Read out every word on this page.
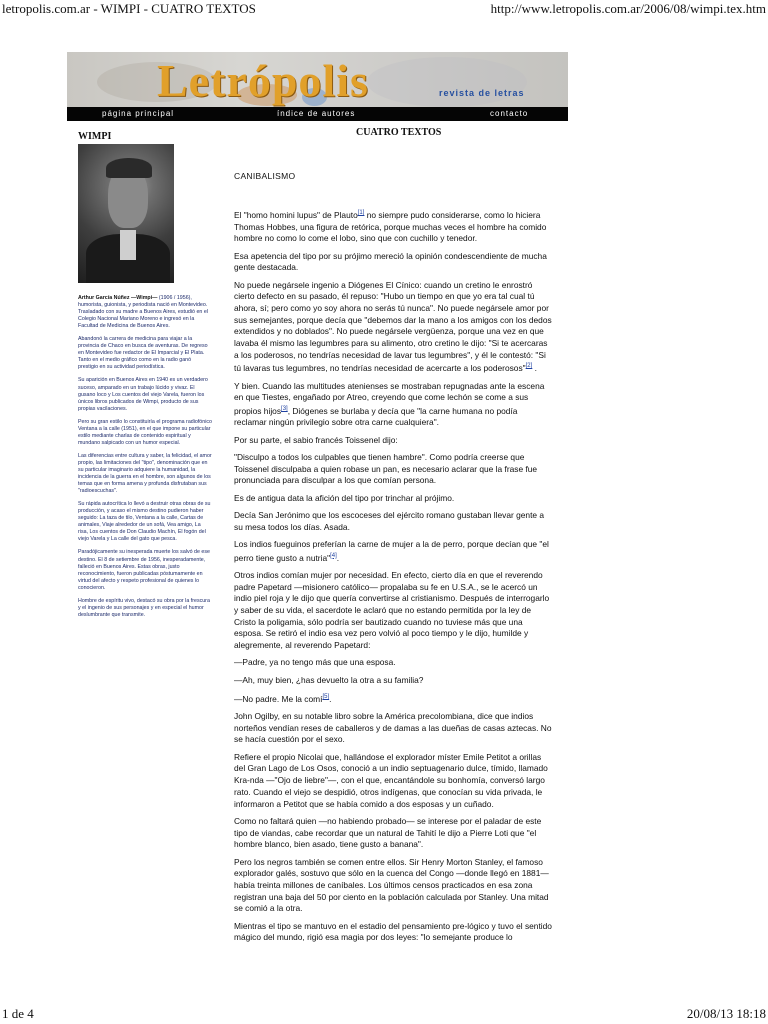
letropolis.com.ar - WIMPI - CUATRO TEXTOS	http://www.letropolis.com.ar/2006/08/wimpi.tex.htm
Letrópolis	revista de letras
página principal	índice de autores	contacto
WIMPI

Arthur García Núñez —Wimpi— (1906 / 1956), humorista, guionista, y periodista nació en Montevideo. Trasladado con su madre a Buenos Aires, estudió en el Colegio Nacional Mariano Moreno e ingresó en la Facultad de Medicina de Buenos Aires.

Abandonó la carrera de medicina para viajar a la provincia de Chaco en busca de aventuras. De regreso en Montevideo fue redactor de El Imparcial y El Plata. Tanto en el medio gráfico como en la radio ganó prestigio en su actividad periodística.

Su aparición en Buenos Aires en 1940 es un verdadero suceso, amparado en un trabajo lúcido y vivaz. El gusano loco y Los cuentos del viejo Varela, fueron los únicos libros publicados de Wimpi, producto de sus propias vacilaciones.

Pero su gran estilo lo constituiría el programa radiofónico Ventana a la calle (1951), en el que impone su particular estilo mediante charlas de contenido espiritual y mundano salpicado con un humor especial.

Las diferencias entre cultura y saber, la felicidad, el amor propio, las limitaciones del "tipo", denominación que en su particular imaginario adquiere la humanidad, la incidencia de la guerra en el hombre, son algunos de los temas que en forma amena y profunda disfrutaban sus "radioescuchas".

Su rápida autocrítica lo llevó a destruir otras obras de su producción, y acaso el mismo destino pudieron haber seguido: La taza de tilo, Ventana a la calle, Cartas de animales, Viaje alrededor de un sofá, Vea amigo, La risa, Los cuentos de Don Claudio Machín, El fogón del viejo Varela y La calle del gato que pesca.

Paradójicamente su inesperada muerte los salvó de ese destino. El 8 de setiembre de 1956, inesperadamente, falleció en Buenos Aires. Estas obras, justo reconocimiento, fueron publicadas póstumamente en virtud del afecto y respeto profesional de quienes lo conocieron.

Hombre de espíritu vivo, destacó su obra por la frescura y el ingenio de sus personajes y en especial el humor deslumbrante que transmite.

CUATRO TEXTOS
CANIBALISMO

El "homo homini lupus" de Plauto[1] no siempre pudo considerarse, como lo hiciera Thomas Hobbes, una figura de retórica, porque muchas veces el hombre ha comido hombre no como lo come el lobo, sino que con cuchillo y tenedor.

Esa apetencia del tipo por su prójimo mereció la opinión condescendiente de mucha gente destacada.

No puede negársele ingenio a Diógenes El Cínico: cuando un cretino le enrostró cierto defecto en su pasado, él repuso: "Hubo un tiempo en que yo era tal cual tú ahora, sí; pero como yo soy ahora no serás tú nunca". No puede negársele amor por sus semejantes, porque decía que "debemos dar la mano a los amigos con los dedos extendidos y no doblados". No puede negársele vergüenza, porque una vez en que lavaba él mismo las legumbres para su alimento, otro cretino le dijo: "Si te acercaras a los poderosos, no tendrías necesidad de lavar tus legumbres", y él le contestó: "Si tú lavaras tus legumbres, no tendrías necesidad de acercarte a los poderosos"[2] .

Y bien. Cuando las multitudes atenienses se mostraban repugnadas ante la escena en que Tiestes, engañado por Atreo, creyendo que come lechón se come a sus propios hijos[3], Diógenes se burlaba y decía que "la carne humana no podía reclamar ningún privilegio sobre otra carne cualquiera".

Por su parte, el sabio francés Toissenel dijo:

"Disculpo a todos los culpables que tienen hambre". Como podría creerse que Toissenel disculpaba a quien robase un pan, es necesario aclarar que la frase fue pronunciada para disculpar a los que comían persona.

Es de antigua data la afición del tipo por trinchar al prójimo.

Decía San Jerónimo que los escoceses del ejército romano gustaban llevar gente a su mesa todos los días. Asada.

Los indios fueguinos preferían la carne de mujer a la de perro, porque decían que "el perro tiene gusto a nutria"[4].

Otros indios comían mujer por necesidad. En efecto, cierto día en que el reverendo padre Papetard —misionero católico— propalaba su fe en U.S.A., se le acercó un indio piel roja y le dijo que quería convertirse al cristianismo. Después de interrogarlo y saber de su vida, el sacerdote le aclaró que no estando permitida por la ley de Cristo la poligamia, sólo podría ser bautizado cuando no tuviese más que una esposa. Se retiró el indio esa vez pero volvió al poco tiempo y le dijo, humilde y alegremente, al reverendo Papetard:

—Padre, ya no tengo más que una esposa.

—Ah, muy bien, ¿has devuelto la otra a su familia?

—No padre. Me la comí[5].

John Ogilby, en su notable libro sobre la América precolombiana, dice que indios norteños vendían reses de caballeros y de damas a las dueñas de casas aztecas. No se hacía cuestión por el sexo.

Refiere el propio Nicolai que, hallándose el explorador míster Emile Petitot a orillas del Gran Lago de Los Osos, conoció a un indio septuagenario dulce, tímido, llamado Kra-nda —"Ojo de liebre"—, con el que, encantándole su bonhomía, conversó largo rato. Cuando el viejo se despidió, otros indígenas, que conocían su vida privada, le informaron a Petitot que se había comido a dos esposas y un cuñado.

Como no faltará quien —no habiendo probado— se interese por el paladar de este tipo de viandas, cabe recordar que un natural de Tahití le dijo a Pierre Loti que "el hombre blanco, bien asado, tiene gusto a banana".

Pero los negros también se comen entre ellos. Sir Henry Morton Stanley, el famoso explorador galés, sostuvo que sólo en la cuenca del Congo —donde llegó en 1881— había treinta millones de caníbales. Los últimos censos practicados en esa zona registran una baja del 50 por ciento en la población calculada por Stanley. Una mitad se comió a la otra.

Mientras el tipo se mantuvo en el estadio del pensamiento pre-lógico y tuvo el sentido mágico del mundo, rigió esa magia por dos leyes: "lo semejante produce lo

1 de 4	20/08/13 18:18
